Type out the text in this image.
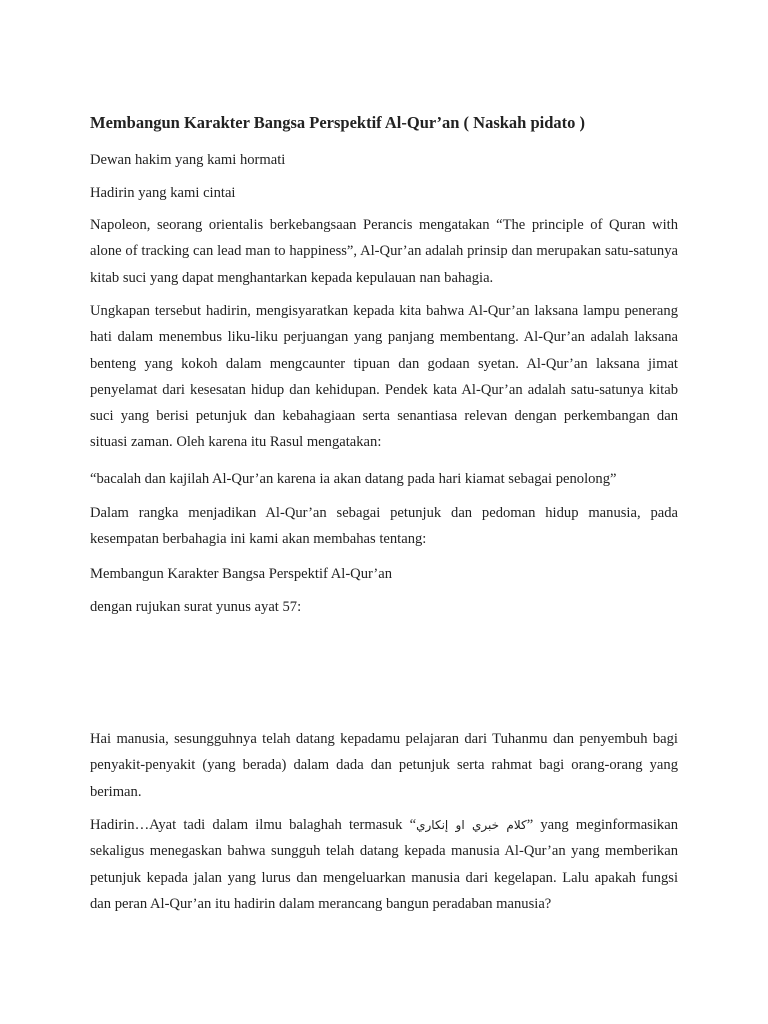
Membangun Karakter Bangsa Perspektif Al-Qur’an ( Naskah pidato )

Dewan hakim yang kami hormati

Hadirin yang kami cintai

Napoleon, seorang orientalis berkebangsaan Perancis mengatakan “The principle of Quran with alone of tracking can lead man to happiness”, Al-Qur’an adalah prinsip dan merupakan satu-satunya kitab suci yang dapat menghantarkan kepada kepulauan nan bahagia.

Ungkapan tersebut hadirin, mengisyaratkan kepada kita bahwa Al-Qur’an laksana lampu penerang hati dalam menembus liku-liku perjuangan yang panjang membentang. Al-Qur’an adalah laksana benteng yang kokoh dalam mengcaunter tipuan dan godaan syetan. Al-Qur’an laksana jimat penyelamat dari kesesatan hidup dan kehidupan. Pendek kata Al-Qur’an adalah satu-satunya kitab suci yang berisi petunjuk dan kebahagiaan serta senantiasa relevan dengan perkembangan dan situasi zaman. Oleh karena itu Rasul mengatakan:

“bacalah dan kajilah Al-Qur’an karena ia akan datang pada hari kiamat sebagai penolong”

Dalam rangka menjadikan Al-Qur’an sebagai petunjuk dan pedoman hidup manusia, pada kesempatan berbahagia ini kami akan membahas tentang:

Membangun Karakter Bangsa Perspektif Al-Qur’an

dengan rujukan surat yunus ayat 57:

Hai manusia, sesungguhnya telah datang kepadamu pelajaran dari Tuhanmu dan penyembuh bagi penyakit-penyakit (yang berada) dalam dada dan petunjuk serta rahmat bagi orang-orang yang beriman.

Hadirin…Ayat tadi dalam ilmu balaghah termasuk “كلام خبري او إنكاري” yang meginformasikan sekaligus menegaskan bahwa sungguh telah datang kepada manusia Al-Qur’an yang memberikan petunjuk kepada jalan yang lurus dan mengeluarkan manusia dari kegelapan. Lalu apakah fungsi dan peran Al-Qur’an itu hadirin dalam merancang bangun peradaban manusia?
